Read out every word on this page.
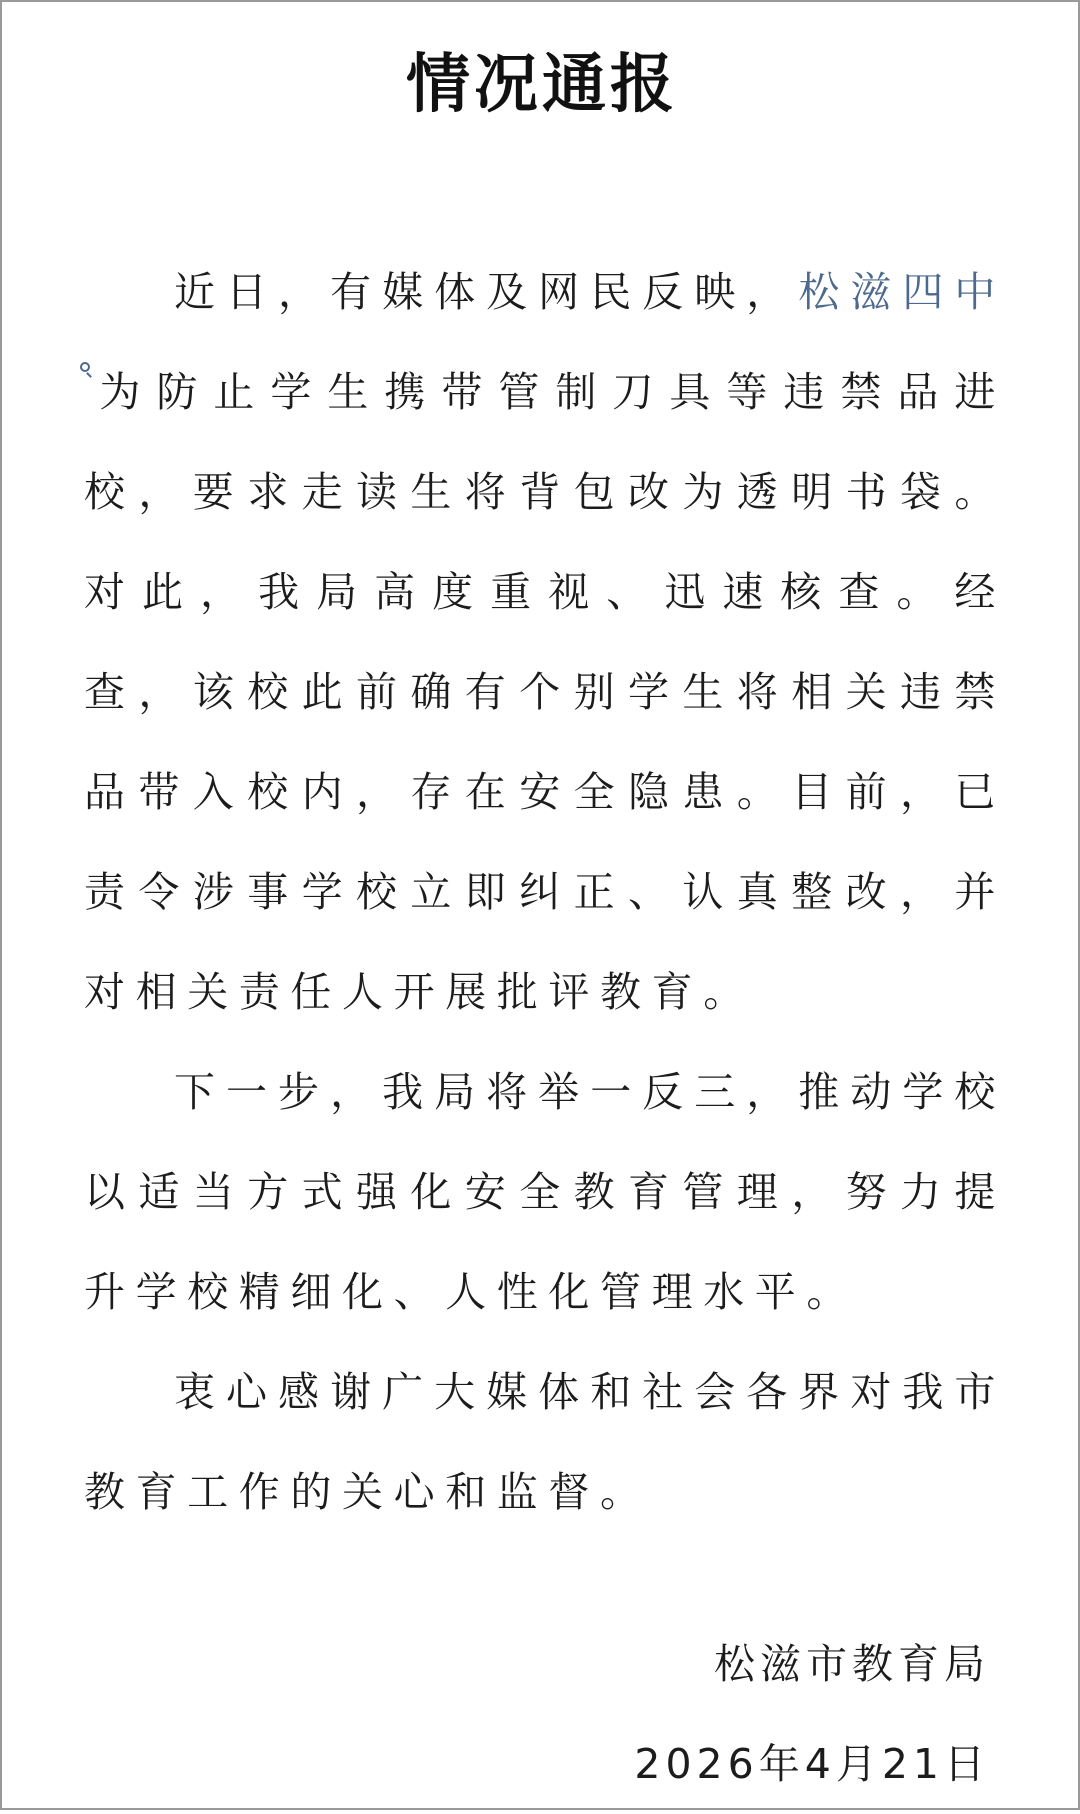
情况通报

近日，有媒体及网民反映，松滋四中
为防止学生携带管制刀具等违禁品进校，要求走读生将背包改为透明书袋。对此，我局高度重视、迅速核查。经查，该校此前确有个别学生将相关违禁品带入校内，存在安全隐患。目前，已责令涉事学校立即纠正、认真整改，并对相关责任人开展批评教育。

下一步，我局将举一反三，推动学校以适当方式强化安全教育管理，努力提升学校精细化、人性化管理水平。

衷心感谢广大媒体和社会各界对我市教育工作的关心和监督。

松滋市教育局
2026年4月21日
